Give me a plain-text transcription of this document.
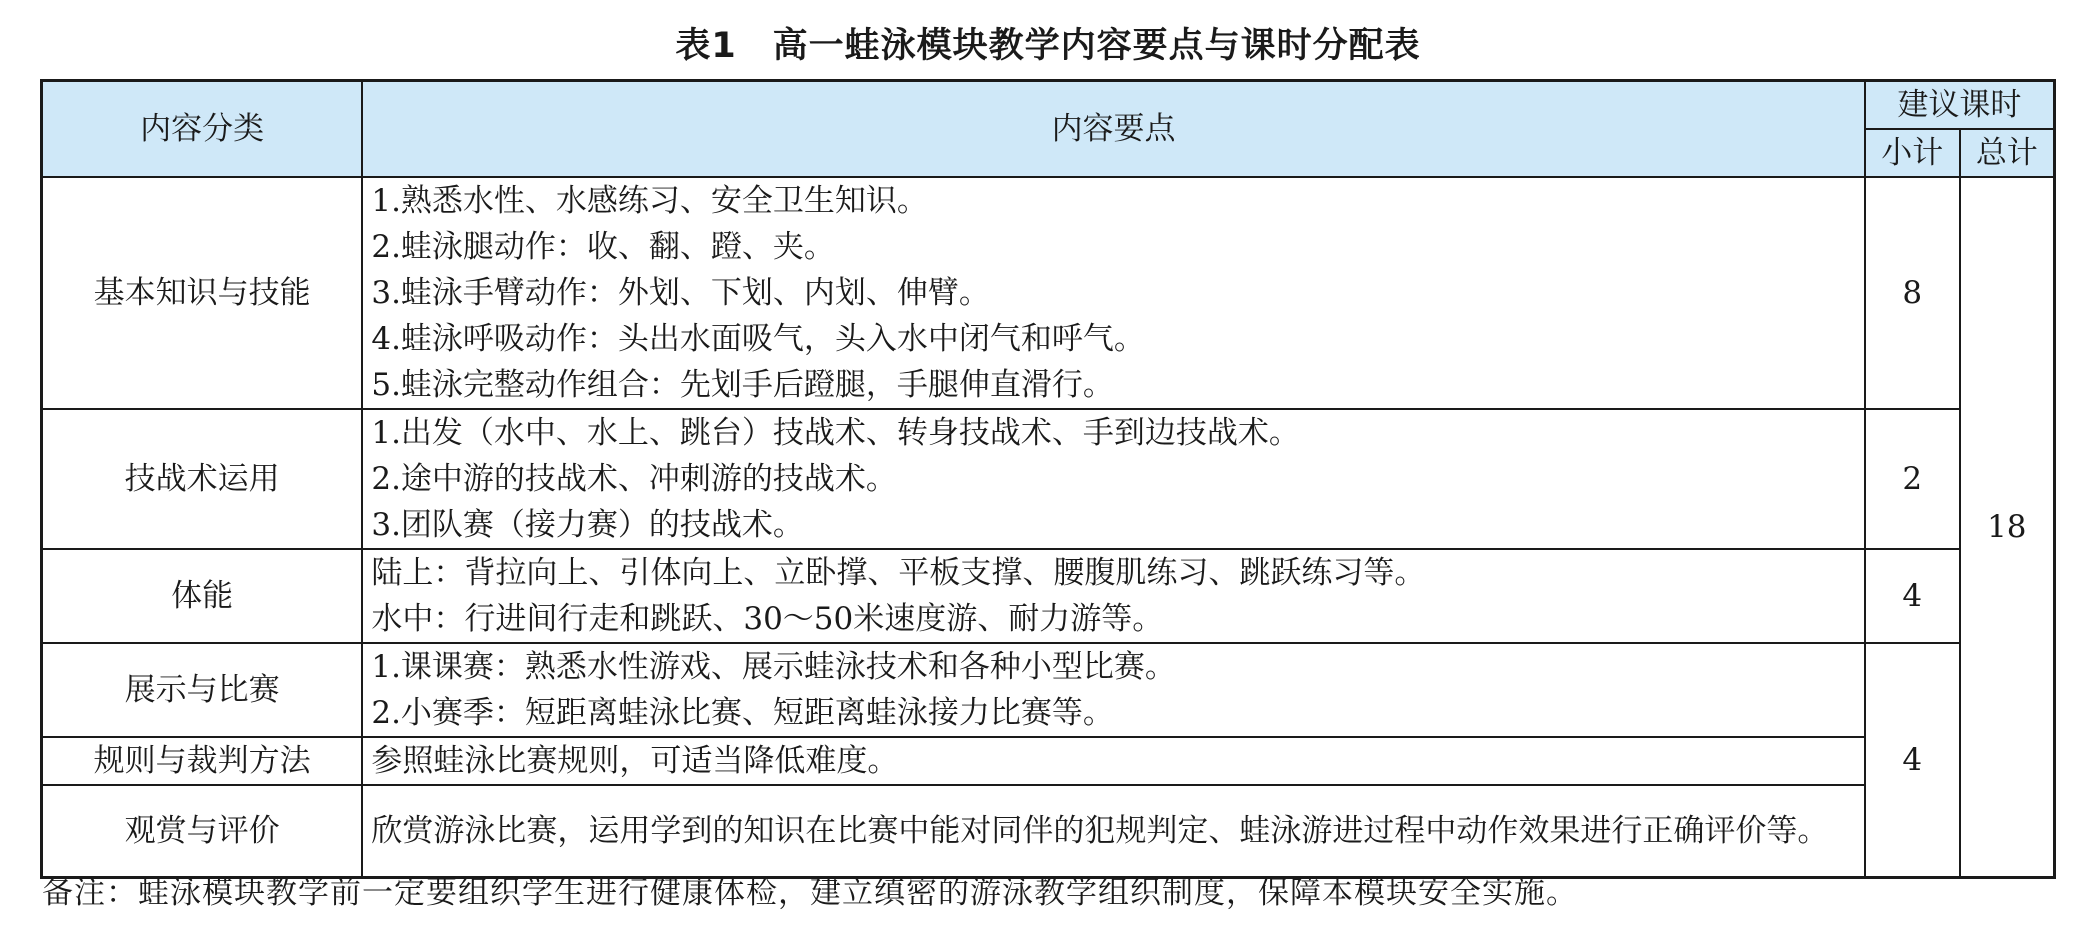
表1　高一蛙泳模块教学内容要点与课时分配表
内容分类	内容要点	建议课时	
		小计	总计
基本知识与技能	1.熟悉水性、水感练习、安全卫生知识。
2.蛙泳腿动作：收、翻、蹬、夹。
3.蛙泳手臂动作：外划、下划、内划、伸臂。
4.蛙泳呼吸动作：头出水面吸气，头入水中闭气和呼气。
5.蛙泳完整动作组合：先划手后蹬腿，手腿伸直滑行。	8	18
技战术运用	1.出发（水中、水上、跳台）技战术、转身技战术、手到边技战术。
2.途中游的技战术、冲刺游的技战术。
3.团队赛（接力赛）的技战术。	2	
体能	陆上：背拉向上、引体向上、立卧撑、平板支撑、腰腹肌练习、跳跃练习等。
水中：行进间行走和跳跃、30～50米速度游、耐力游等。	4	
展示与比赛	1.课课赛：熟悉水性游戏、展示蛙泳技术和各种小型比赛。
2.小赛季：短距离蛙泳比赛、短距离蛙泳接力比赛等。	4	
规则与裁判方法	参照蛙泳比赛规则，可适当降低难度。		

观赏与评价	欣赏游泳比赛，运用学到的知识在比赛中能对同伴的犯规判定、蛙泳游进过程中动作效果进行正确评价等。		
备注：蛙泳模块教学前一定要组织学生进行健康体检，建立缜密的游泳教学组织制度，保障本模块安全实施。
